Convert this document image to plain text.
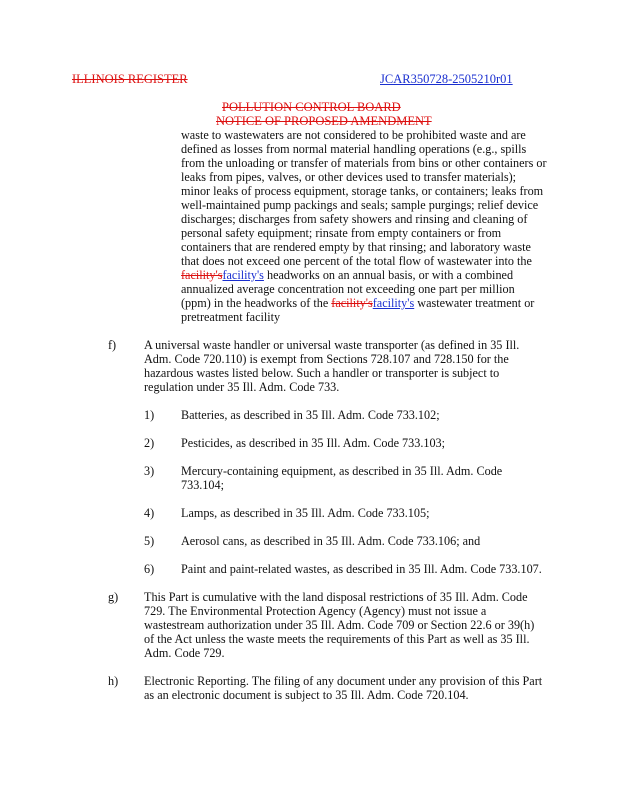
ILLINOIS REGISTER	JCAR350728-2505210r01
POLLUTION CONTROL BOARD
NOTICE OF PROPOSED AMENDMENT
waste to wastewaters are not considered to be prohibited waste and are
defined as losses from normal material handling operations (e.g., spills
from the unloading or transfer of materials from bins or other containers or
leaks from pipes, valves, or other devices used to transfer materials);
minor leaks of process equipment, storage tanks, or containers; leaks from
well-maintained pump packings and seals; sample purgings; relief device
discharges; discharges from safety showers and rinsing and cleaning of
personal safety equipment; rinsate from empty containers or from
containers that are rendered empty by that rinsing; and laboratory waste
that does not exceed one percent of the total flow of wastewater into the
facility'sfacility's headworks on an annual basis, or with a combined
annualized average concentration not exceeding one part per million
(ppm) in the headworks of the facility'sfacility's wastewater treatment or
pretreatment facility
f) A universal waste handler or universal waste transporter (as defined in 35 Ill.
Adm. Code 720.110) is exempt from Sections 728.107 and 728.150 for the
hazardous wastes listed below. Such a handler or transporter is subject to
regulation under 35 Ill. Adm. Code 733.
1) Batteries, as described in 35 Ill. Adm. Code 733.102;
2) Pesticides, as described in 35 Ill. Adm. Code 733.103;
3) Mercury-containing equipment, as described in 35 Ill. Adm. Code
733.104;
4) Lamps, as described in 35 Ill. Adm. Code 733.105;
5) Aerosol cans, as described in 35 Ill. Adm. Code 733.106; and
6) Paint and paint-related wastes, as described in 35 Ill. Adm. Code 733.107.
g) This Part is cumulative with the land disposal restrictions of 35 Ill. Adm. Code
729. The Environmental Protection Agency (Agency) must not issue a
wastestream authorization under 35 Ill. Adm. Code 709 or Section 22.6 or 39(h)
of the Act unless the waste meets the requirements of this Part as well as 35 Ill.
Adm. Code 729.
h) Electronic Reporting. The filing of any document under any provision of this Part
as an electronic document is subject to 35 Ill. Adm. Code 720.104.
